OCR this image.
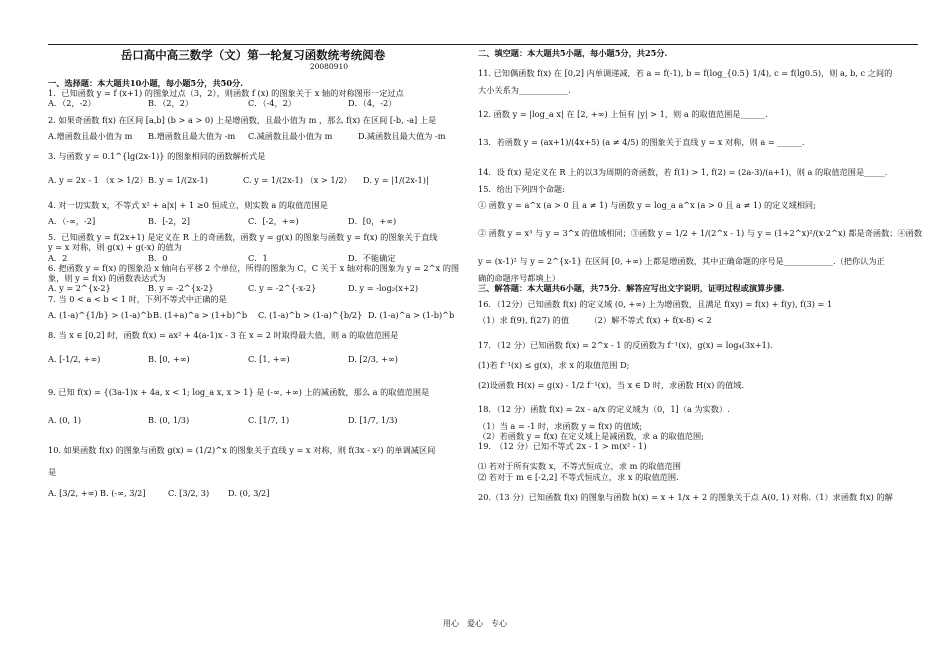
岳口高中高三数学（文）第一轮复习函数统考统阅卷

20080910

一、选择题：本大题共10小题，每小题5分，共50分.

1．已知函数 y = f (x+1) 的图象过点（3，2），则函数 f (x) 的图象关于 x 轴的对称图形一定过点

A．（2，-2）	B．（2，2）	C．（-4，2）	D．（4，-2）

2. 如果奇函数 f(x) 在区间 [a,b] (b > a > 0) 上是增函数，且最小值为 m ，那么 f(x) 在区间 [-b, -a] 上是

A.增函数且最小值为 m	B.增函数且最大值为 -m	C.减函数且最小值为 m	D.减函数且最大值为 -m

3. 与函数 y = 0.1^{lg(2x-1)} 的图象相同的函数解析式是

A. y = 2x - 1 （x > 1/2） B. y = 1/(2x-1)	C. y = 1/(2x-1) （x > 1/2）	D. y = |1/(2x-1)|

4. 对一切实数 x，不等式 x² + a|x| + 1 ≥0 恒成立，则实数 a 的取值范围是

A．（-∞，-2]	B．[-2，2]	C．[-2，+∞)	D．[0，+∞)

5．已知函数 y = f(2x+1) 是定义在 R 上的奇函数，函数 y = g(x) 的图象与函数 y = f(x) 的图象关于直线

y = x 对称，则 g(x) + g(-x) 的值为

A．2	B．0	C．1	D．不能确定

6. 把函数 y = f(x) 的图象沿 x 轴向右平移 2 个单位，所得的图象为 C，C 关于 x 轴对称的图象为 y = 2^x 的图

象，则 y = f(x) 的函数表达式为

A. y = 2^{x-2}	B. y = -2^{x-2}	C. y = -2^{-x-2}	D. y = -log₂(x+2)

7. 当 0 < a < b < 1 时，下列不等式中正确的是

A. (1-a)^{1/b} > (1-a)^b B. (1+a)^a > (1+b)^b	C. (1-a)^b > (1-a)^{b/2} D. (1-a)^a > (1-b)^b

8. 当 x ∈ [0,2] 时，函数 f(x) = ax² + 4(a-1)x - 3 在 x = 2 时取得最大值，则 a 的取值范围是

A. [-1/2, +∞)	B. [0, +∞)	C. [1, +∞)	D. [2/3, +∞)

9. 已知 f(x) = {(3a-1)x + 4a, x < 1; log_a x, x > 1} 是 (-∞, +∞) 上的减函数，那么 a 的取值范围是

A. (0, 1)	B. (0, 1/3)	C. [1/7, 1)	D. [1/7, 1/3)

10. 如果函数 f(x) 的图象与函数 g(x) = (1/2)^x 的图象关于直线 y = x 对称，则 f(3x - x²) 的单调减区间

是

A. [3/2, +∞) B. (-∞, 3/2]	C. [3/2, 3)	D. (0, 3/2]

二、填空题：本大题共5小题，每小题5分，共25分.

11. 已知偶函数 f(x) 在 [0,2] 内单调递减，若 a = f(-1), b = f(log_{0.5} 1/4), c = f(lg0.5)，则 a, b, c 之间的

大小关系为____________.

12. 函数 y = |log_a x| 在 [2, +∞) 上恒有 |y| > 1，则 a 的取值范围是______.

13．若函数 y = (ax+1)/(4x+5) (a ≠ 4/5) 的图象关于直线 y = x 对称，则 a = ______.

14．设 f(x) 是定义在 R 上的以3为周期的奇函数，若 f(1) > 1, f(2) = (2a-3)/(a+1)，则 a 的取值范围是_____.

15．给出下列四个命题:

① 函数 y = a^x (a > 0 且 a ≠ 1) 与函数 y = log_a a^x (a > 0 且 a ≠ 1) 的定义域相同;

② 函数 y = x³ 与 y = 3^x 的值域相同；③函数 y = 1/2 + 1/(2^x - 1) 与 y = (1+2^x)²/(x·2^x) 都是奇函数；④函数

y = (x-1)² 与 y = 2^{x-1} 在区间 [0, +∞) 上都是增函数，其中正确命题的序号是____________.（把你认为正

确的命题序号都填上）

三、解答题：本大题共6小题，共75分．解答应写出文字说明，证明过程或演算步骤.

16．（12分）已知函数 f(x) 的定义域 (0, +∞) 上为增函数，且满足 f(xy) = f(x) + f(y), f(3) = 1

（1）求 f(9), f(27) 的值　　　（2）解不等式 f(x) + f(x-8) < 2

17．（12 分）已知函数 f(x) = 2^x - 1 的反函数为 f⁻¹(x)，g(x) = log₄(3x+1).

(1)若 f⁻¹(x) ≤ g(x)，求 x 的取值范围 D;

(2)设函数 H(x) = g(x) - 1/2 f⁻¹(x)，当 x ∈ D 时，求函数 H(x) 的值域.

18．（12 分）函数 f(x) = 2x - a/x 的定义域为（0，1]（a 为实数）.

（1）当 a = -1 时，求函数 y = f(x) 的值域;

（2）若函数 y = f(x) 在定义域上是减函数，求 a 的取值范围;

19.　（12 分）已知不等式 2x - 1 > m(x² - 1)

⑴ 若对于所有实数 x，不等式恒成立，求 m 的取值范围

⑵ 若对于 m ∈ [-2,2] 不等式恒成立，求 x 的取值范围.

20.（13 分）已知函数 f(x) 的图象与函数 h(x) = x + 1/x + 2 的图象关于点 A(0, 1) 对称.（1）求函数 f(x) 的解

用心　爱心　专心
